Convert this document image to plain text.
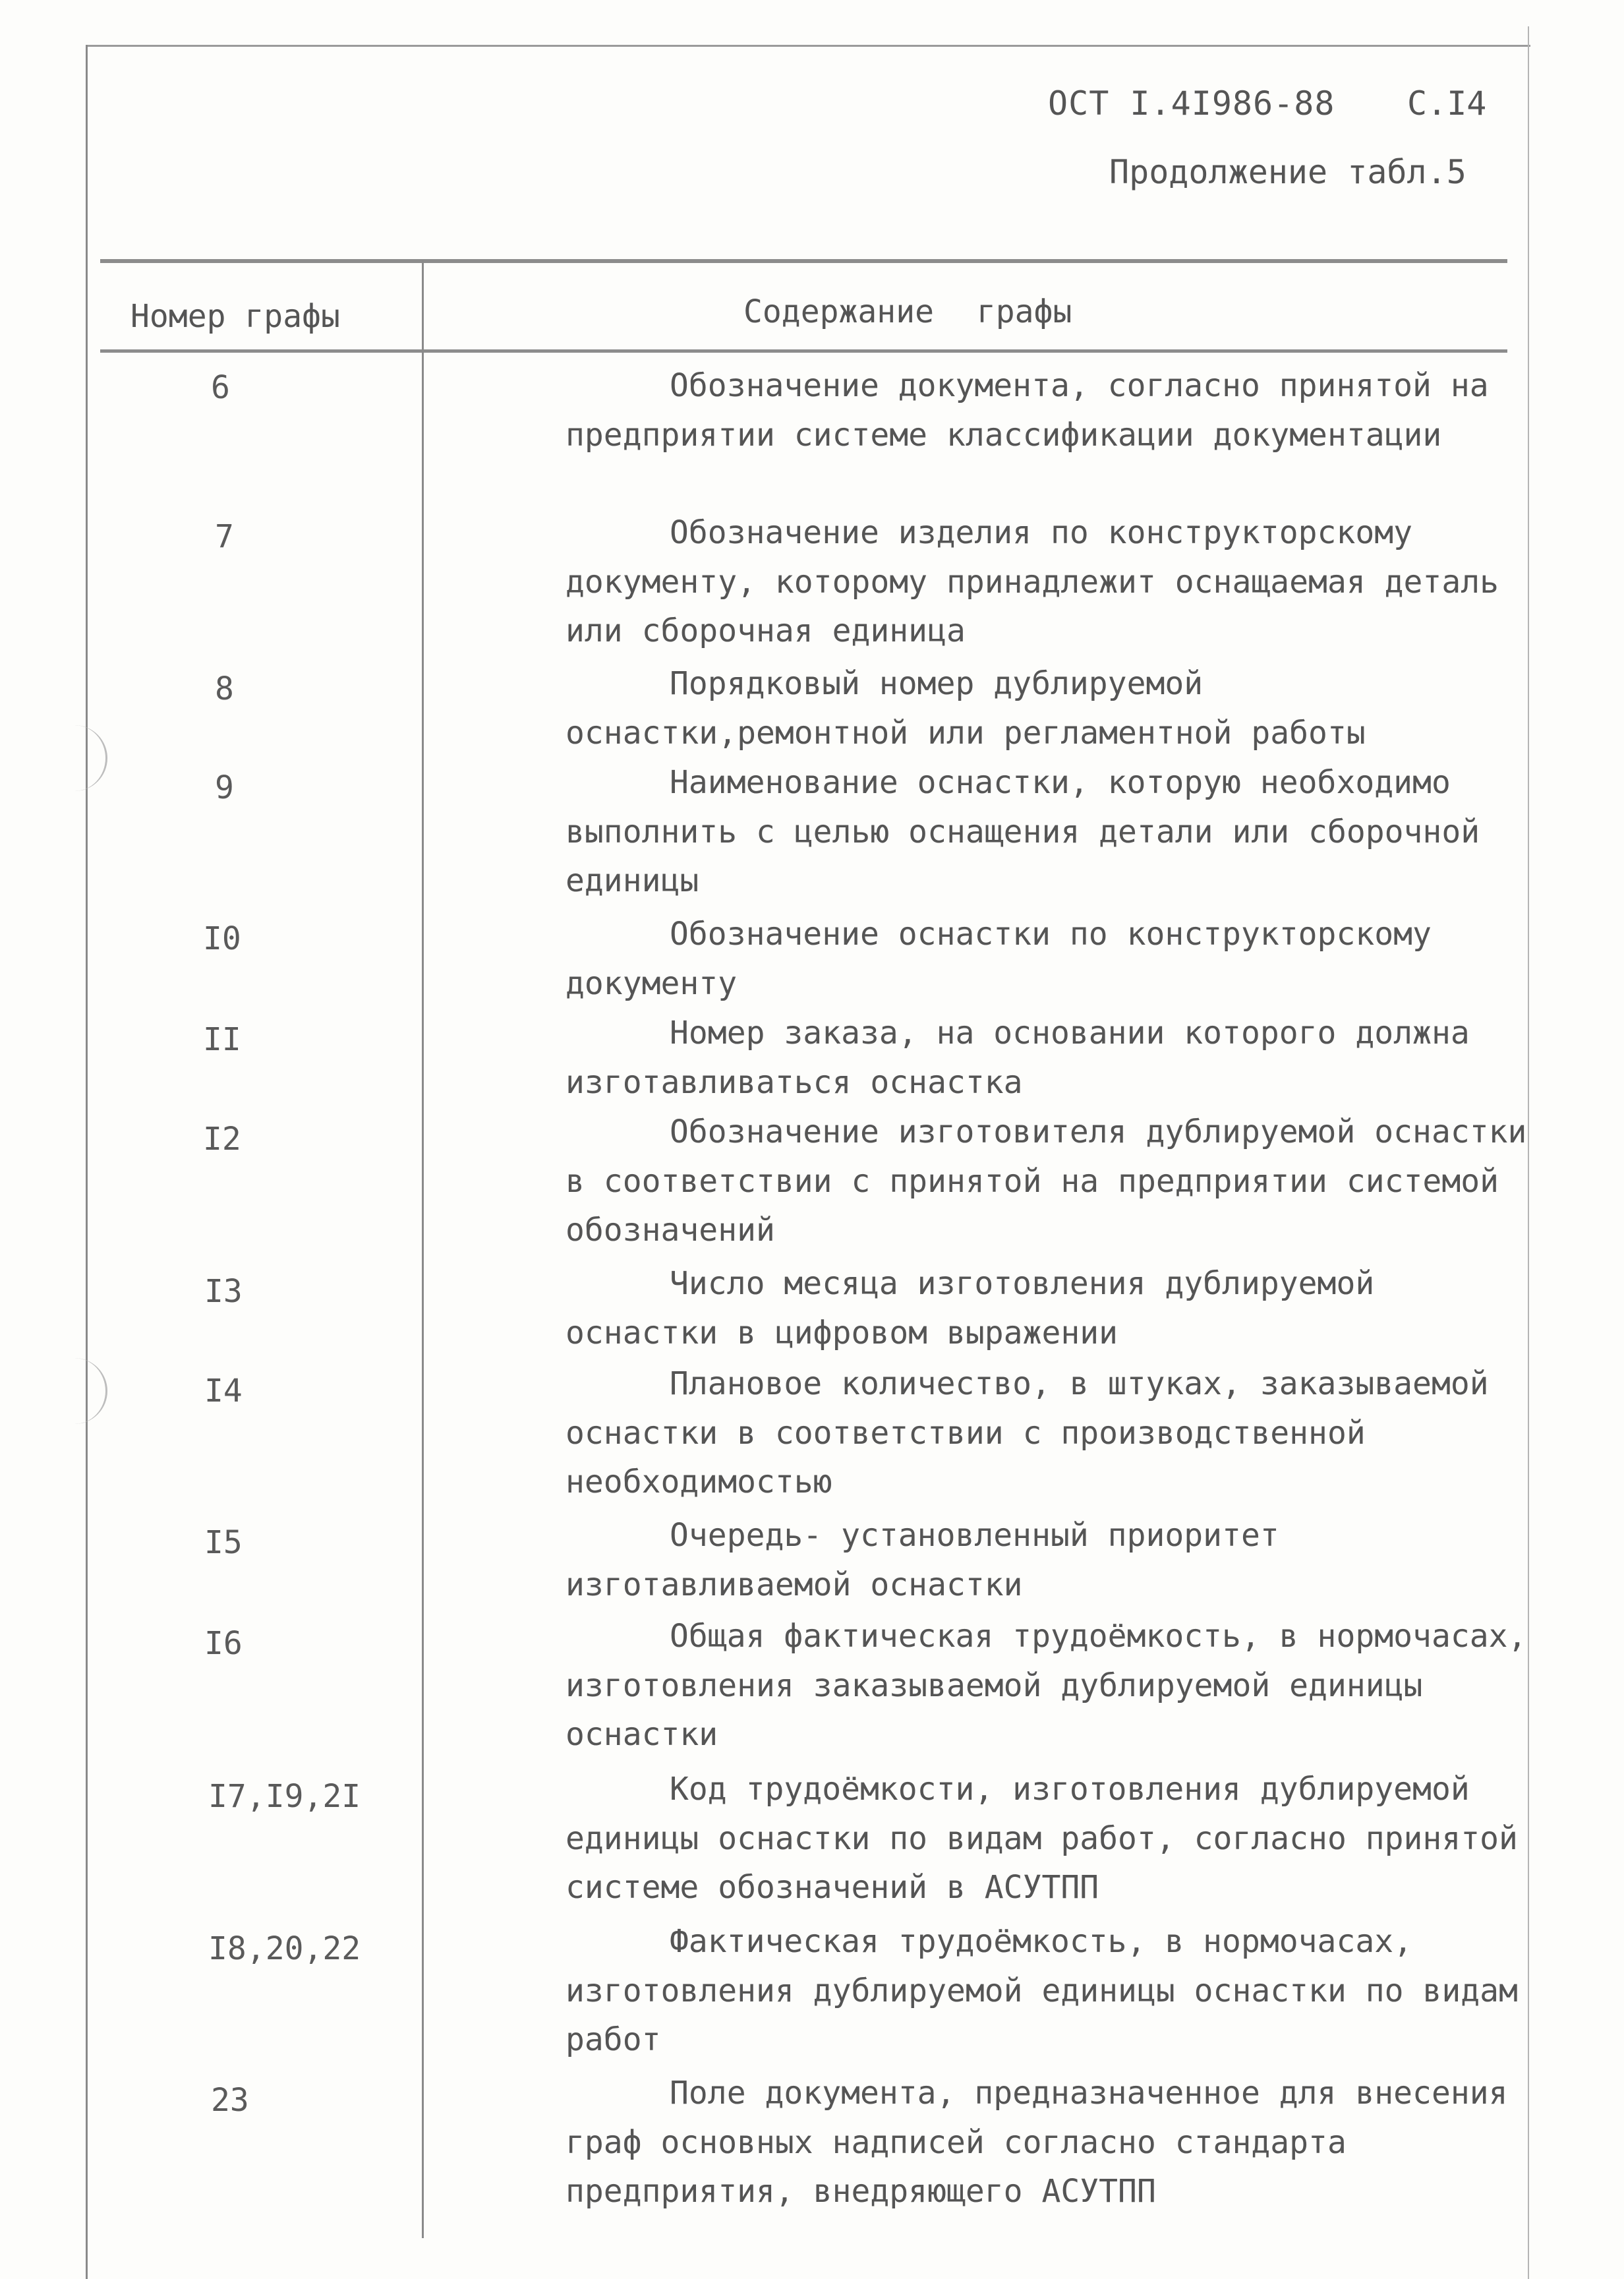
ОСТ I.4I986-88 С.I4
Продолжение табл.5
Номер графы	Содержание графы
6	Обозначение документа, согласно принятой на предприятии системе классификации документации
7	Обозначение изделия по конструкторскому документу, которому принадлежит оснащаемая деталь или сборочная единица
8	Порядковый номер дублируемой оснастки,ремонтной или регламентной работы
9	Наименование оснастки, которую необходимо выполнить с целью оснащения детали или сборочной единицы
I0	Обозначение оснастки по конструкторскому документу
II	Номер заказа, на основании которого должна изготавливаться оснастка
I2	Обозначение изготовителя дублируемой оснастки в соответствии с принятой на предприятии системой обозначений
I3	Число месяца изготовления дублируемой оснастки в цифровом выражении
I4	Плановое количество, в штуках, заказываемой оснастки в соответствии с производственной необходимостью
I5	Очередь- установленный приоритет изготавливаемой оснастки
I6	Общая фактическая трудоёмкость, в нормочасах, изготовления заказываемой дублируемой единицы оснастки
I7,I9,2I	Код трудоёмкости, изготовления дублируемой единицы оснастки по видам работ, согласно принятой системе обозначений в АСУТПП
I8,20,22	Фактическая трудоёмкость, в нормочасах, изготовления дублируемой единицы оснастки по видам работ
23	Поле документа, предназначенное для внесения граф основных надписей согласно стандарта предприятия, внедряющего АСУТПП
